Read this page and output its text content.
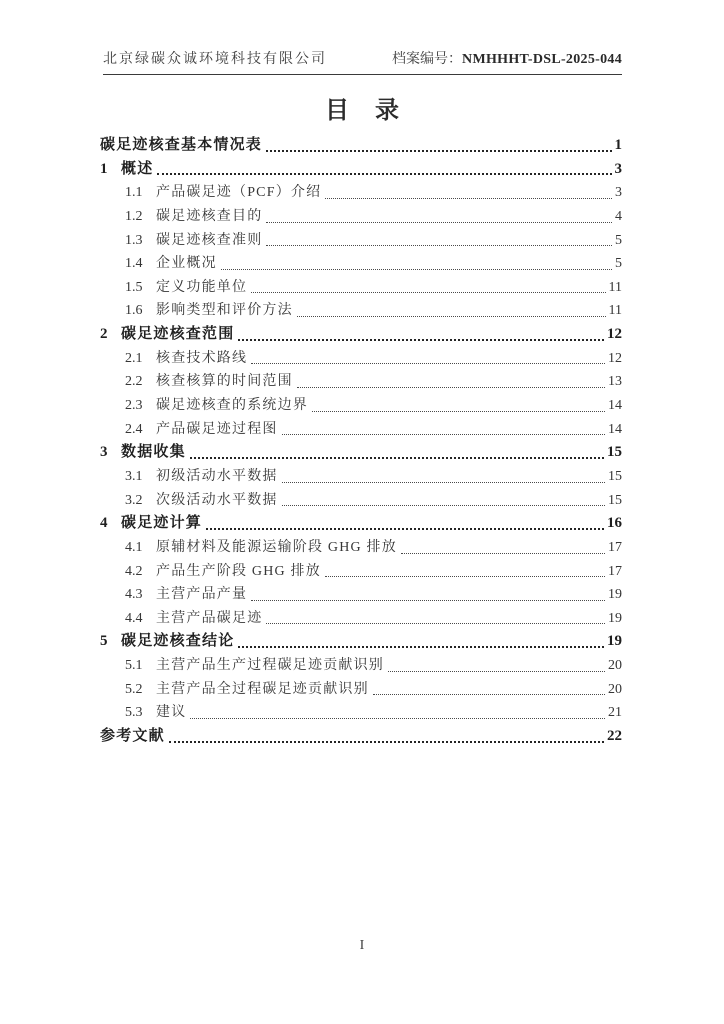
北京绿碳众诚环境科技有限公司	档案编号：NMHHHT-DSL-2025-044
目 录
碳足迹核查基本情况表	1
1 概述	3
1.1 产品碳足迹（PCF）介绍	3
1.2 碳足迹核查目的	4
1.3 碳足迹核查准则	5
1.4 企业概况	5
1.5 定义功能单位	11
1.6 影响类型和评价方法	11
2 碳足迹核查范围	12
2.1 核查技术路线	12
2.2 核查核算的时间范围	13
2.3 碳足迹核查的系统边界	14
2.4 产品碳足迹过程图	14
3 数据收集	15
3.1 初级活动水平数据	15
3.2 次级活动水平数据	15
4 碳足迹计算	16
4.1 原辅材料及能源运输阶段 GHG 排放	17
4.2 产品生产阶段 GHG 排放	17
4.3 主营产品产量	19
4.4 主营产品碳足迹	19
5 碳足迹核查结论	19
5.1 主营产品生产过程碳足迹贡献识别	20
5.2 主营产品全过程碳足迹贡献识别	20
5.3 建议	21
参考文献	22
I
